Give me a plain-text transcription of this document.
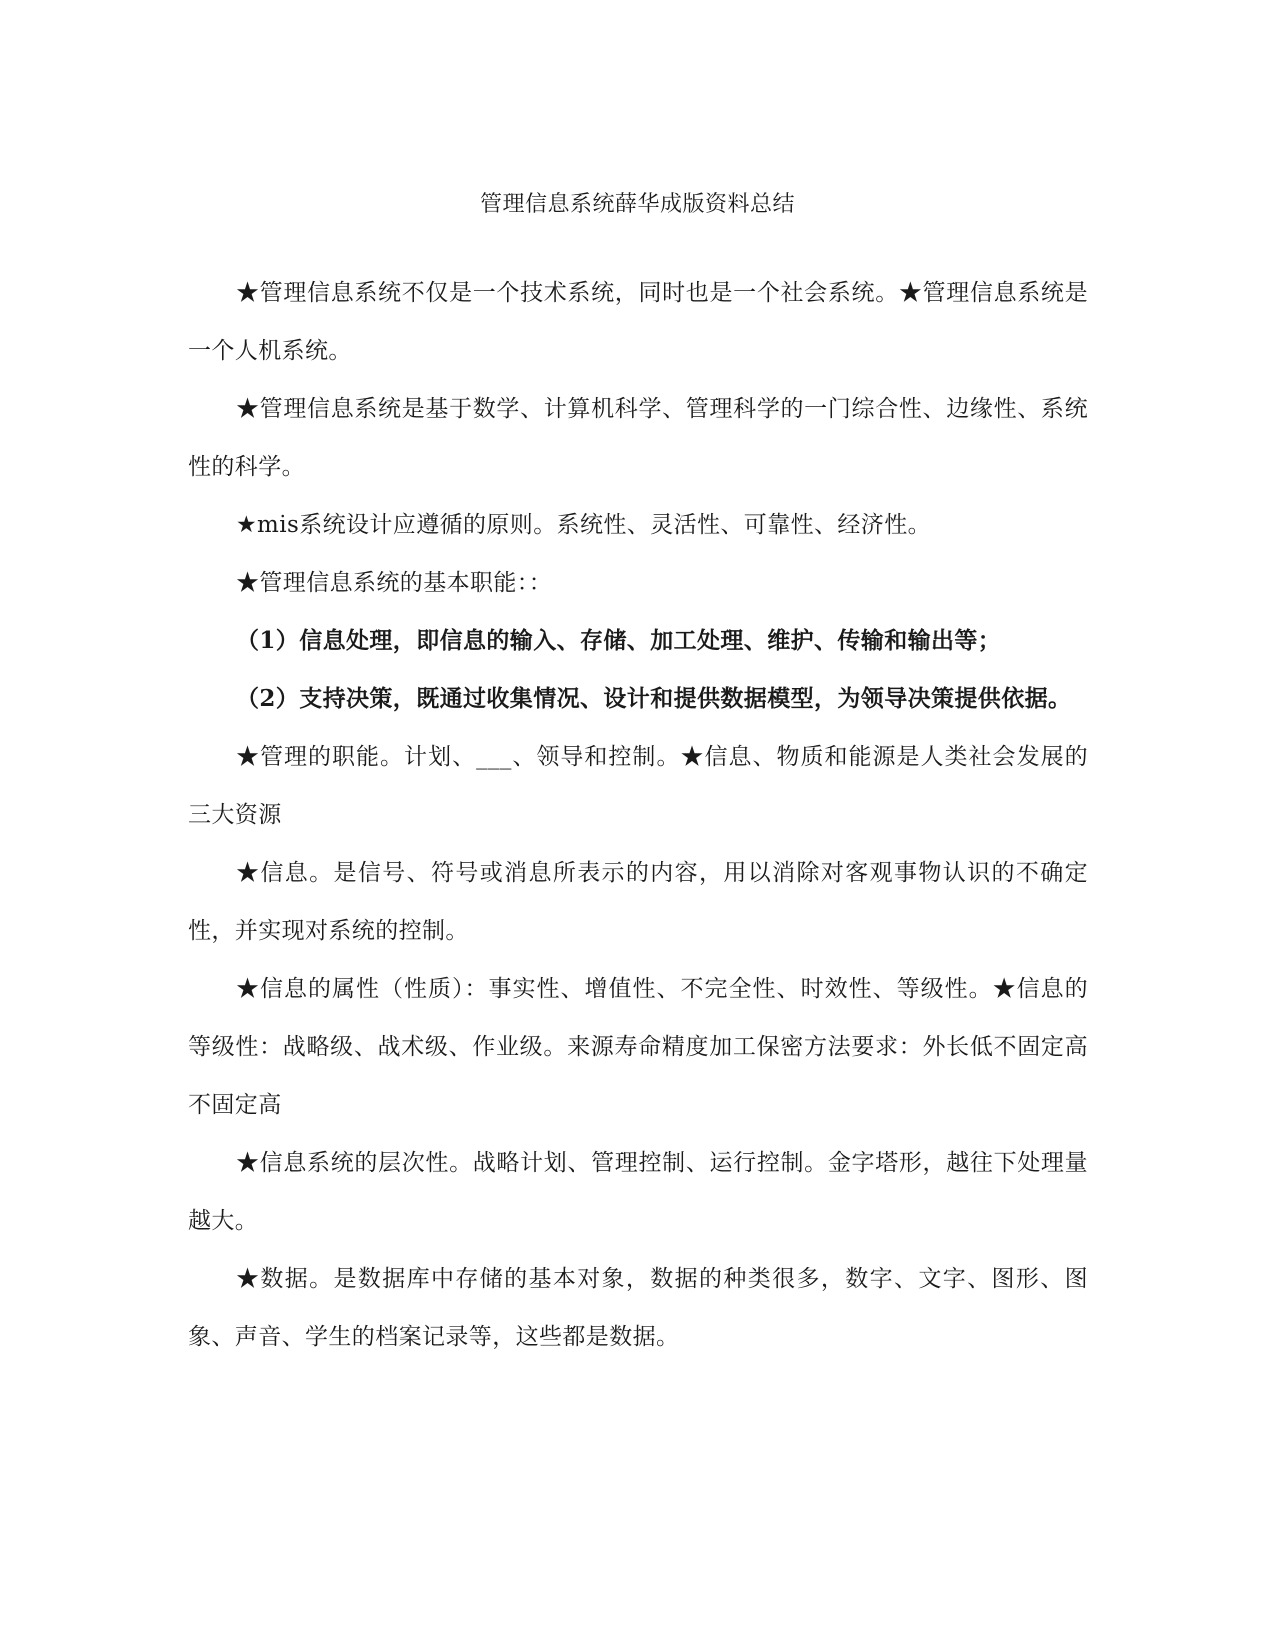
管理信息系统薛华成版资料总结

★管理信息系统不仅是一个技术系统，同时也是一个社会系统。★管理信息系统是一个人机系统。

★管理信息系统是基于数学、计算机科学、管理科学的一门综合性、边缘性、系统性的科学。

★mis系统设计应遵循的原则。系统性、灵活性、可靠性、经济性。

★管理信息系统的基本职能：：

（1）信息处理，即信息的输入、存储、加工处理、维护、传输和输出等；

（2）支持决策，既通过收集情况、设计和提供数据模型，为领导决策提供依据。

★管理的职能。计划、___、领导和控制。★信息、物质和能源是人类社会发展的三大资源

★信息。是信号、符号或消息所表示的内容，用以消除对客观事物认识的不确定性，并实现对系统的控制。

★信息的属性（性质）：事实性、增值性、不完全性、时效性、等级性。★信息的等级性：战略级、战术级、作业级。来源寿命精度加工保密方法要求：外长低不固定高不固定高

★信息系统的层次性。战略计划、管理控制、运行控制。金字塔形，越往下处理量越大。

★数据。是数据库中存储的基本对象，数据的种类很多，数字、文字、图形、图象、声音、学生的档案记录等，这些都是数据。
